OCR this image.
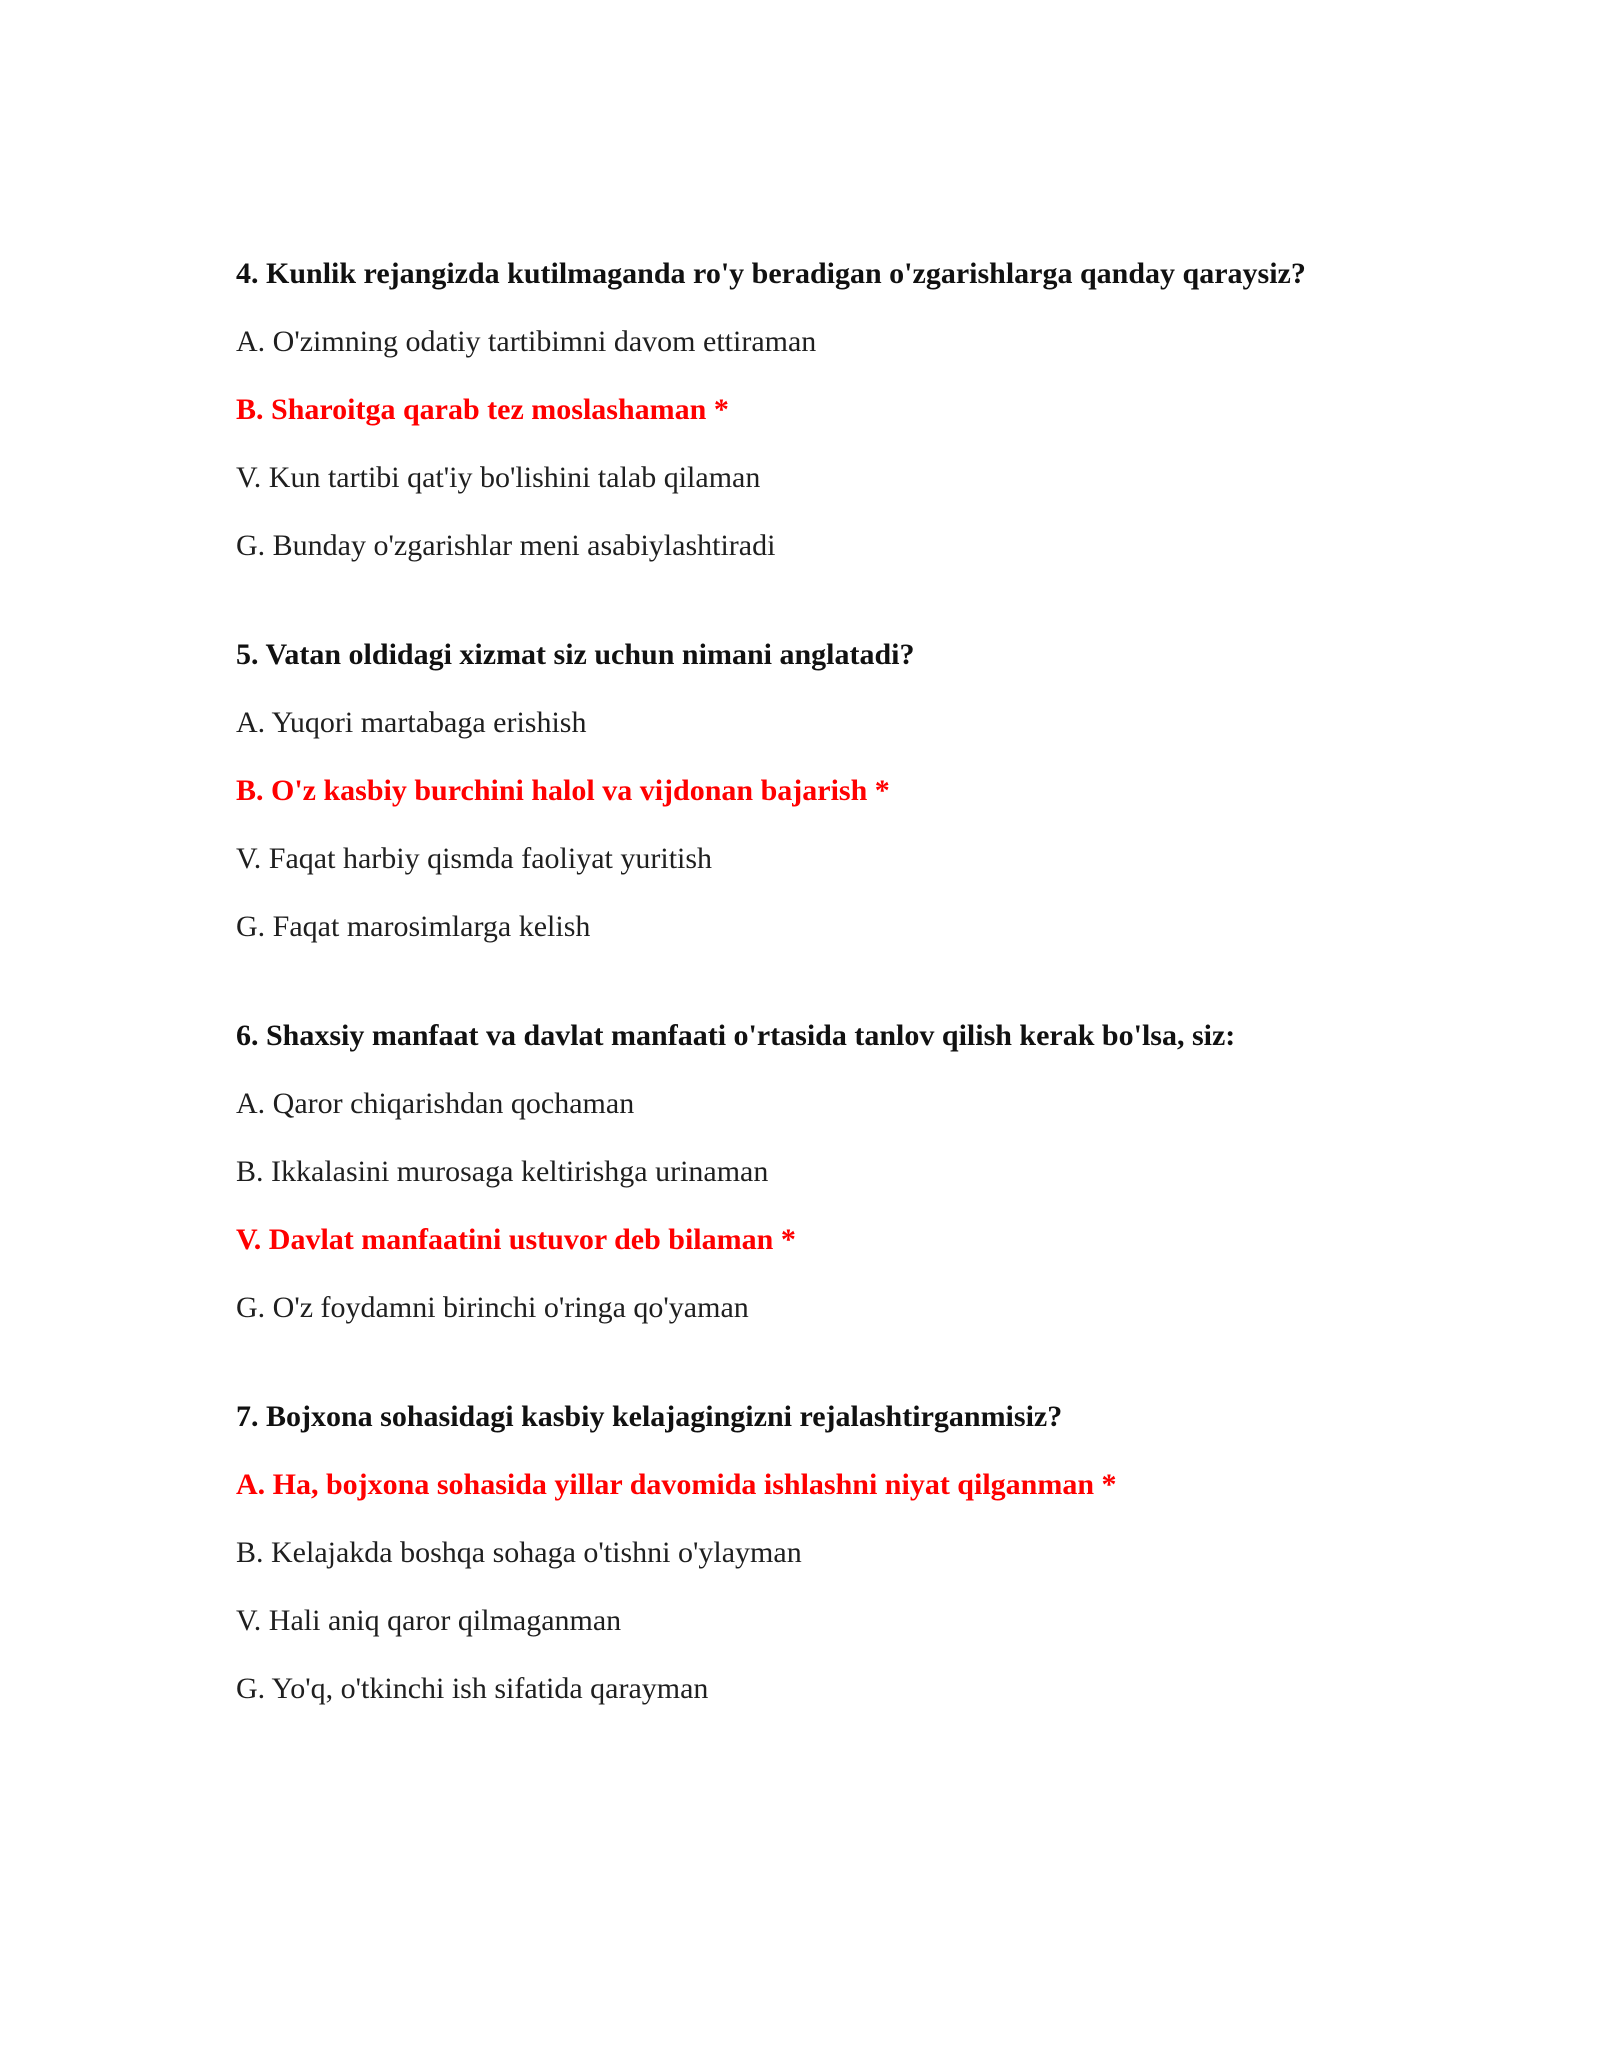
4. Kunlik rejangizda kutilmaganda ro'y beradigan o'zgarishlarga qanday qaraysiz?

A. O'zimning odatiy tartibimni davom ettiraman

B. Sharoitga qarab tez moslashaman *

V. Kun tartibi qat'iy bo'lishini talab qilaman

G. Bunday o'zgarishlar meni asabiylashtiradi

5. Vatan oldidagi xizmat siz uchun nimani anglatadi?

A. Yuqori martabaga erishish

B. O'z kasbiy burchini halol va vijdonan bajarish *

V. Faqat harbiy qismda faoliyat yuritish

G. Faqat marosimlarga kelish

6. Shaxsiy manfaat va davlat manfaati o'rtasida tanlov qilish kerak bo'lsa, siz:

A. Qaror chiqarishdan qochaman

B. Ikkalasini murosaga keltirishga urinaman

V. Davlat manfaatini ustuvor deb bilaman *

G. O'z foydamni birinchi o'ringa qo'yaman

7. Bojxona sohasidagi kasbiy kelajagingizni rejalashtirganmisiz?

A. Ha, bojxona sohasida yillar davomida ishlashni niyat qilganman *

B. Kelajakda boshqa sohaga o'tishni o'ylayman

V. Hali aniq qaror qilmaganman

G. Yo'q, o'tkinchi ish sifatida qarayman
